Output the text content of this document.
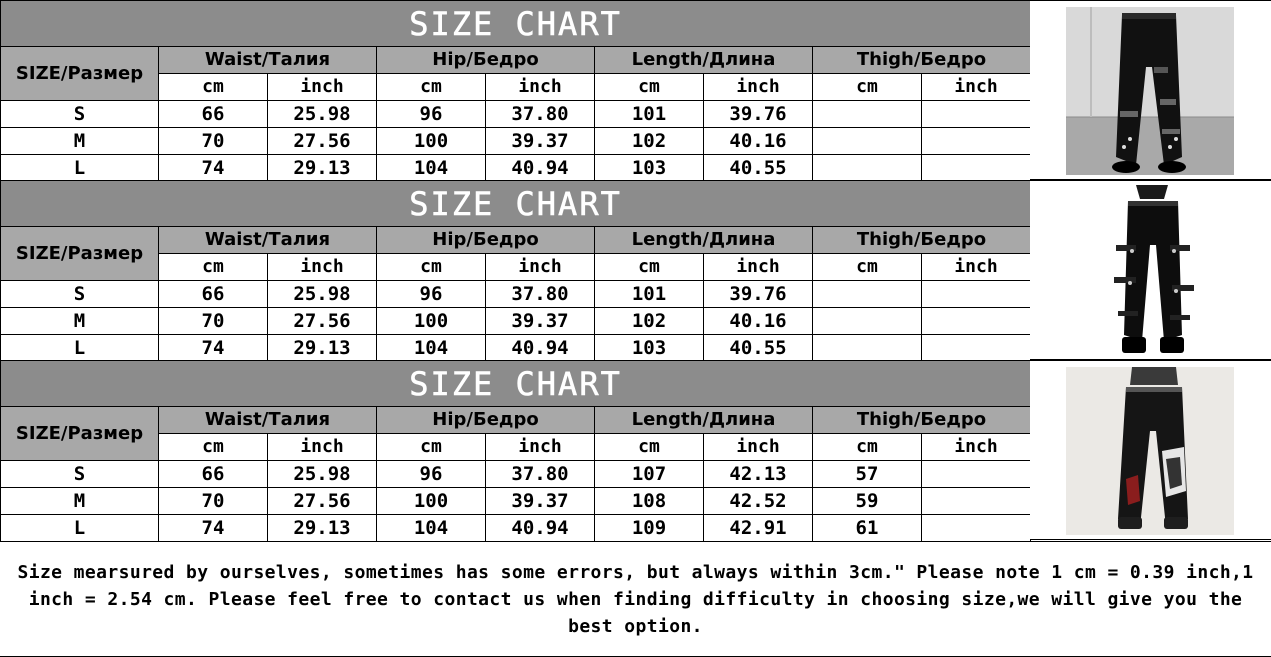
SIZE CHART								
SIZE/Размер	Waist/Талия		Hip/Бедро		Length/Длина		Thigh/Бедро	
	cm	inch	cm	inch	cm	inch	cm	inch
S	66	25.98	96	37.80	101	39.76		
M	70	27.56	100	39.37	102	40.16		
L	74	29.13	104	40.94	103	40.55		
SIZE CHART								
SIZE/Размер	Waist/Талия		Hip/Бедро		Length/Длина		Thigh/Бедро	
	cm	inch	cm	inch	cm	inch	cm	inch
S	66	25.98	96	37.80	101	39.76		
M	70	27.56	100	39.37	102	40.16		
L	74	29.13	104	40.94	103	40.55		
SIZE CHART								
SIZE/Размер	Waist/Талия		Hip/Бедро		Length/Длина		Thigh/Бедро	
	cm	inch	cm	inch	cm	inch	cm	inch
S	66	25.98	96	37.80	107	42.13	57	
M	70	27.56	100	39.37	108	42.52	59	
L	74	29.13	104	40.94	109	42.91	61	

Size mearsured by ourselves, sometimes has some errors, but always within 3cm." Please note 1 cm = 0.39 inch,1 inch = 2.54 cm. Please feel free to contact us when finding difficulty in choosing size,we will give you the best option.
